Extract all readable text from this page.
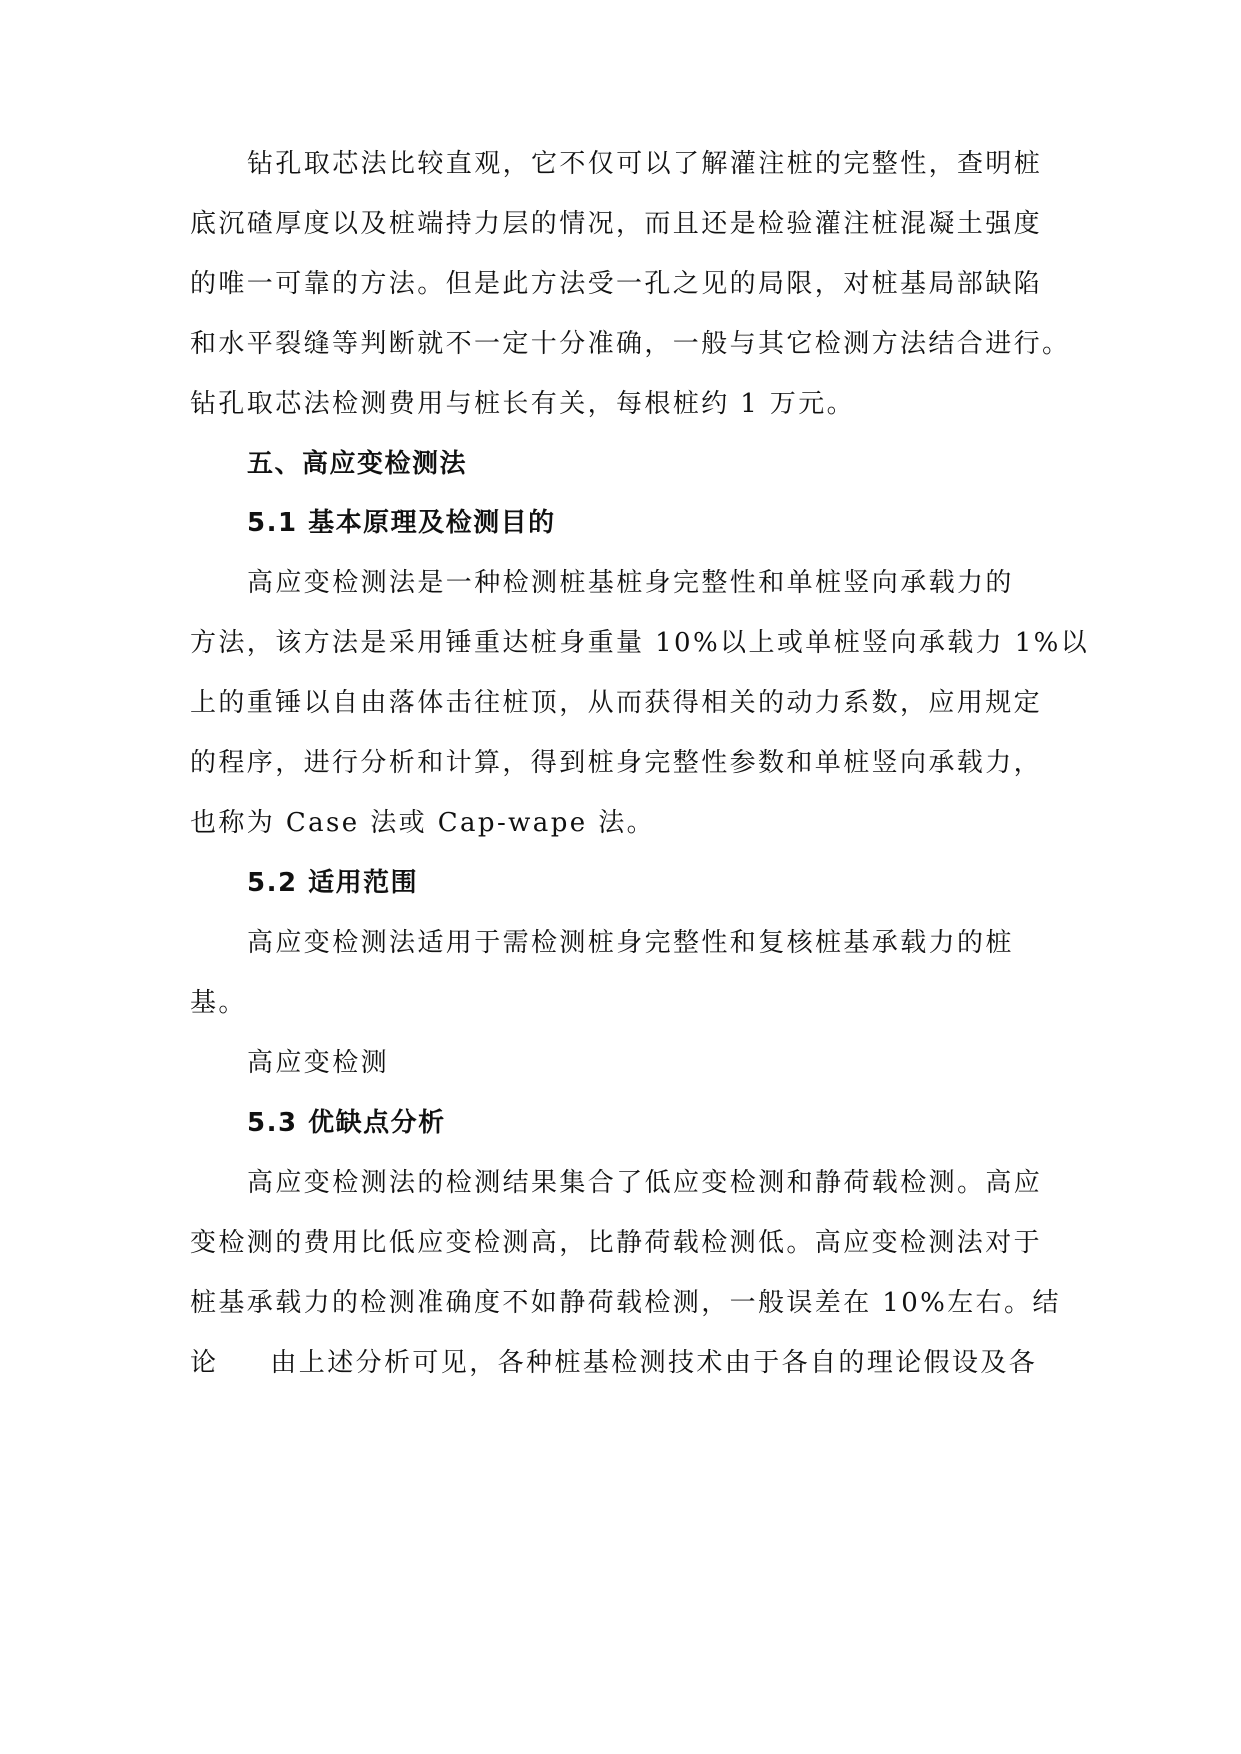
钻孔取芯法比较直观，它不仅可以了解灌注桩的完整性，查明桩
底沉碴厚度以及桩端持力层的情况，而且还是检验灌注桩混凝土强度
的唯一可靠的方法。但是此方法受一孔之见的局限，对桩基局部缺陷
和水平裂缝等判断就不一定十分准确，一般与其它检测方法结合进行。
钻孔取芯法检测费用与桩长有关，每根桩约 1 万元。
五、高应变检测法
5.1 基本原理及检测目的
高应变检测法是一种检测桩基桩身完整性和单桩竖向承载力的
方法，该方法是采用锤重达桩身重量 10%以上或单桩竖向承载力 1%以
上的重锤以自由落体击往桩顶，从而获得相关的动力系数，应用规定
的程序，进行分析和计算，得到桩身完整性参数和单桩竖向承载力，
也称为 Case 法或 Cap-wape 法。
5.2 适用范围
高应变检测法适用于需检测桩身完整性和复核桩基承载力的桩
基。
高应变检测
5.3 优缺点分析
高应变检测法的检测结果集合了低应变检测和静荷载检测。高应
变检测的费用比低应变检测高，比静荷载检测低。高应变检测法对于
桩基承载力的检测准确度不如静荷载检测，一般误差在 10%左右。结
论 由上述分析可见，各种桩基检测技术由于各自的理论假设及各
